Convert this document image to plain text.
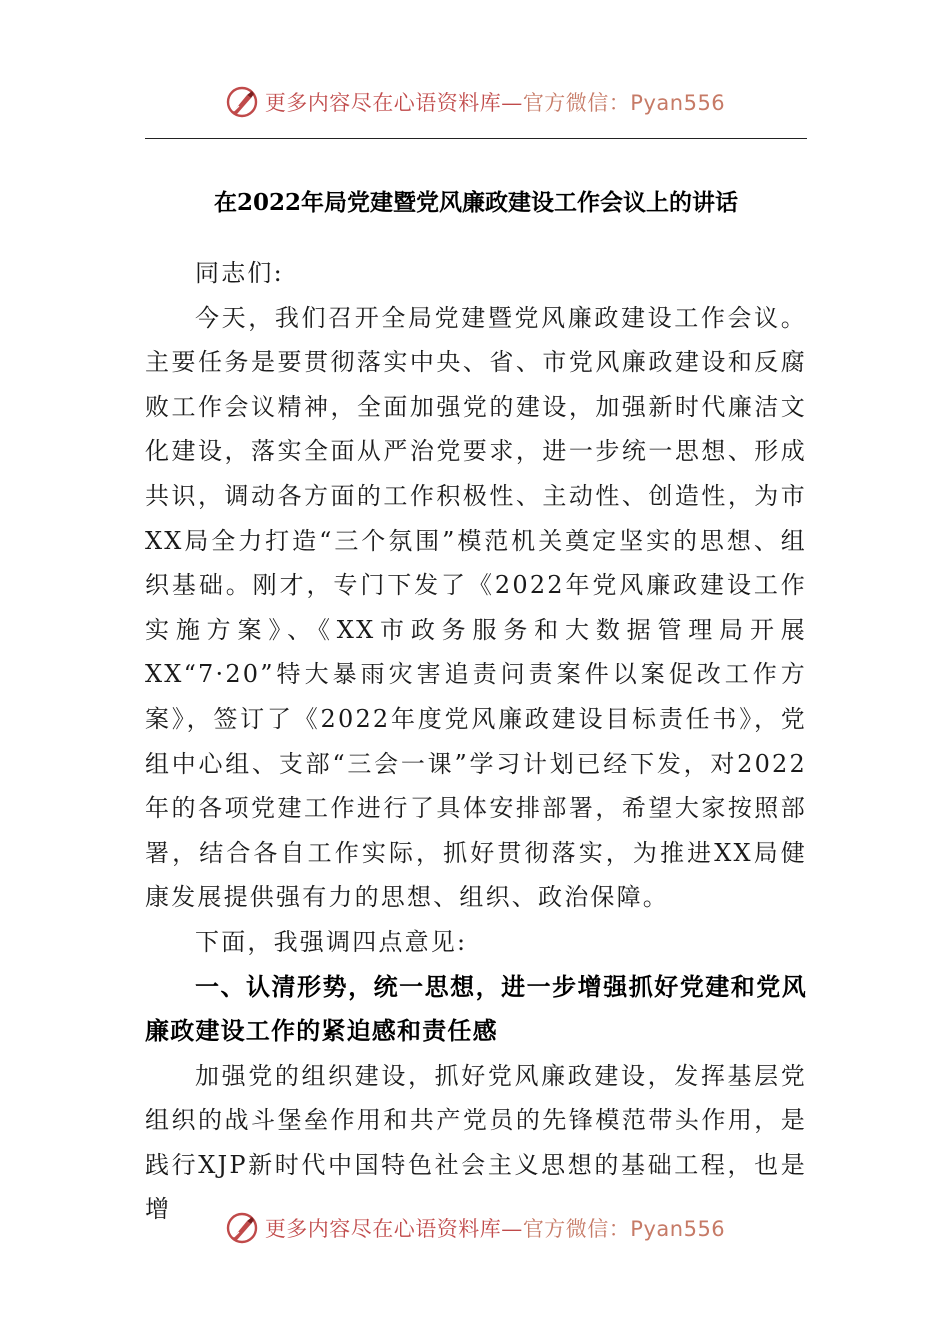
更多内容尽在心语资料库—官方微信：Pyan556
在2022年局党建暨党风廉政建设工作会议上的讲话

同志们:

今天，我们召开全局党建暨党风廉政建设工作会议。主要任务是要贯彻落实中央、省、市党风廉政建设和反腐败工作会议精神，全面加强党的建设，加强新时代廉洁文化建设，落实全面从严治党要求，进一步统一思想、形成共识，调动各方面的工作积极性、主动性、创造性，为市XX局全力打造“三个氛围”模范机关奠定坚实的思想、组织基础。刚才，专门下发了《2022年党风廉政建设工作实施方案》、《XX市政务服务和大数据管理局开展XX“7·20”特大暴雨灾害追责问责案件以案促改工作方案》，签订了《2022年度党风廉政建设目标责任书》，党组中心组、支部“三会一课”学习计划已经下发，对2022年的各项党建工作进行了具体安排部署，希望大家按照部署，结合各自工作实际，抓好贯彻落实，为推进XX局健康发展提供强有力的思想、组织、政治保障。

下面，我强调四点意见:

一、认清形势，统一思想，进一步增强抓好党建和党风廉政建设工作的紧迫感和责任感

加强党的组织建设，抓好党风廉政建设，发挥基层党组织的战斗堡垒作用和共产党员的先锋模范带头作用，是践行XJP新时代中国特色社会主义思想的基础工程，也是增

更多内容尽在心语资料库—官方微信：Pyan556
